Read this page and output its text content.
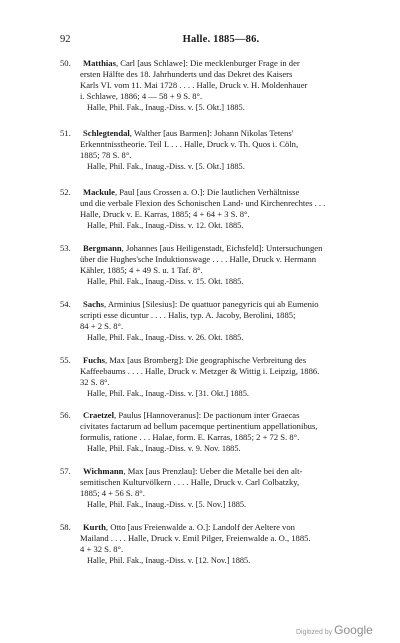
92	Halle. 1885—86.
50.	Matthias, Carl [aus Schlawe]: Die mecklenburger Frage in der
ersten Hälfte des 18. Jahrhunderts und das Dekret des Kaisers
Karls VI. vom 11. Mai 1728 . . . . Halle, Druck v. H. Moldenhauer
i. Schlawe, 1886; 4 — 58 + 9 S. 8°.
Halle, Phil. Fak., Inaug.-Diss. v. [5. Okt.] 1885.
51.	Schlegtendal, Walther [aus Barmen]: Johann Nikolas Tetens'
Erkenntnisstheorie. Teil I. . . . Halle, Druck v. Th. Quos i. Cöln,
1885; 78 S. 8°.
Halle, Phil. Fak., Inaug.-Diss. v. [5. Okt.] 1885.
52.	Mackule, Paul [aus Crossen a. O.]: Die lautlichen Verhältnisse
und die verbale Flexion des Schonischen Land- und Kirchenrechtes . . .
Halle, Druck v. E. Karras, 1885; 4 + 64 + 3 S. 8°.
Halle, Phil. Fak., Inaug.-Diss. v. 12. Okt. 1885.
53.	Bergmann, Johannes [aus Heiligenstadt, Eichsfeld]: Untersuchungen
über die Hughes'sche Induktionswage . . . . Halle, Druck v. Hermann
Kähler, 1885; 4 + 49 S. u. 1 Taf. 8°.
Halle, Phil. Fak., Inaug.-Diss. v. 15. Okt. 1885.
54.	Sachs, Arminius [Silesius]: De quattuor panegyricis qui ab Eumenio
scripti esse dicuntur . . . . Halis, typ. A. Jacoby, Berolini, 1885;
84 + 2 S. 8°.
Halle, Phil. Fak., Inaug.-Diss. v. 26. Okt. 1885.
55.	Fuchs, Max [aus Bromberg]: Die geographische Verbreitung des
Kaffeebaums . . . . Halle, Druck v. Metzger & Wittig i. Leipzig, 1886.
32 S. 8°.
Halle, Phil. Fak., Inaug.-Diss. v. [31. Okt.] 1885.
56.	Craetzel, Paulus [Hannoveranus]: De pactionum inter Graecas
civitates factarum ad bellum pacemque pertinentium appellationibus,
formulis, ratione . . . Halae, form. E. Karras, 1885; 2 + 72 S. 8°.
Halle, Phil. Fak., Inaug.-Diss. v. 9. Nov. 1885.
57.	Wichmann, Max [aus Prenzlau]: Ueber die Metalle bei den alt-
semitischen Kulturvölkern . . . . Halle, Druck v. Carl Colbatzky,
1885; 4 + 56 S. 8°.
Halle, Phil. Fak., Inaug.-Diss. v. [5. Nov.] 1885.
58.	Kurth, Otto [aus Freienwalde a. O.]: Landolf der Aeltere von
Mailand . . . . Halle, Druck v. Emil Pilger, Freienwalde a. O., 1885.
4 + 32 S. 8°.
Halle, Phil. Fak., Inaug.-Diss. v. [12. Nov.] 1885.
Digitized by Google
